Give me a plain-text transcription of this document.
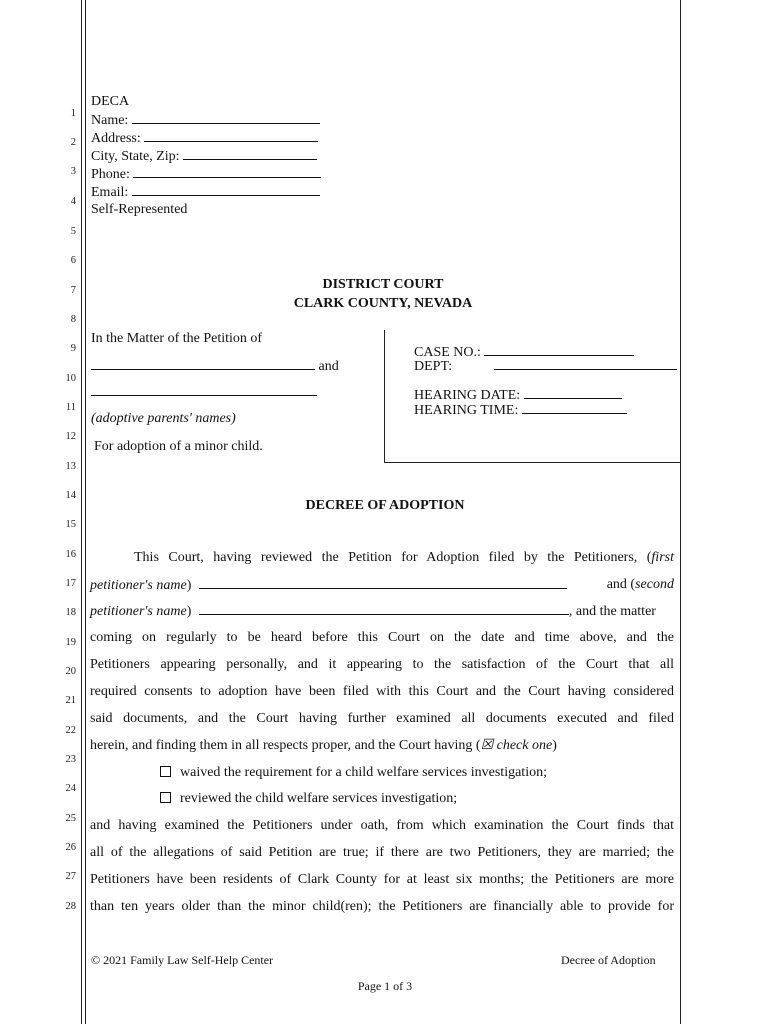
1
2
3
4
5
6
7
8
9
10
11
12
13
14
15
16
17
18
19
20
21
22
23
24
25
26
27
28
DECA
Name:
Address:
City, State, Zip:
Phone:
Email:
Self-Represented
DISTRICT COURT
CLARK COUNTY, NEVADA
In the Matter of the Petition of
and
(adoptive parents' names)
For adoption of a minor child.
CASE NO.:
DEPT:
HEARING DATE:
HEARING TIME:
DECREE OF ADOPTION
This Court, having reviewed the Petition for Adoption filed by the Petitioners, (first
petitioner's name)	and (second
petitioner's name)	, and the matter
coming on regularly to be heard before this Court on the date and time above, and the
Petitioners appearing personally, and it appearing to the satisfaction of the Court that all
required consents to adoption have been filed with this Court and the Court having considered
said documents, and the Court having further examined all documents executed and filed
herein, and finding them in all respects proper, and the Court having (☒ check one)
waived the requirement for a child welfare services investigation;
reviewed the child welfare services investigation;
and having examined the Petitioners under oath, from which examination the Court finds that
all of the allegations of said Petition are true; if there are two Petitioners, they are married; the
Petitioners have been residents of Clark County for at least six months; the Petitioners are more
than ten years older than the minor child(ren); the Petitioners are financially able to provide for
© 2021 Family Law Self-Help Center	Decree of Adoption
Page 1 of 3
